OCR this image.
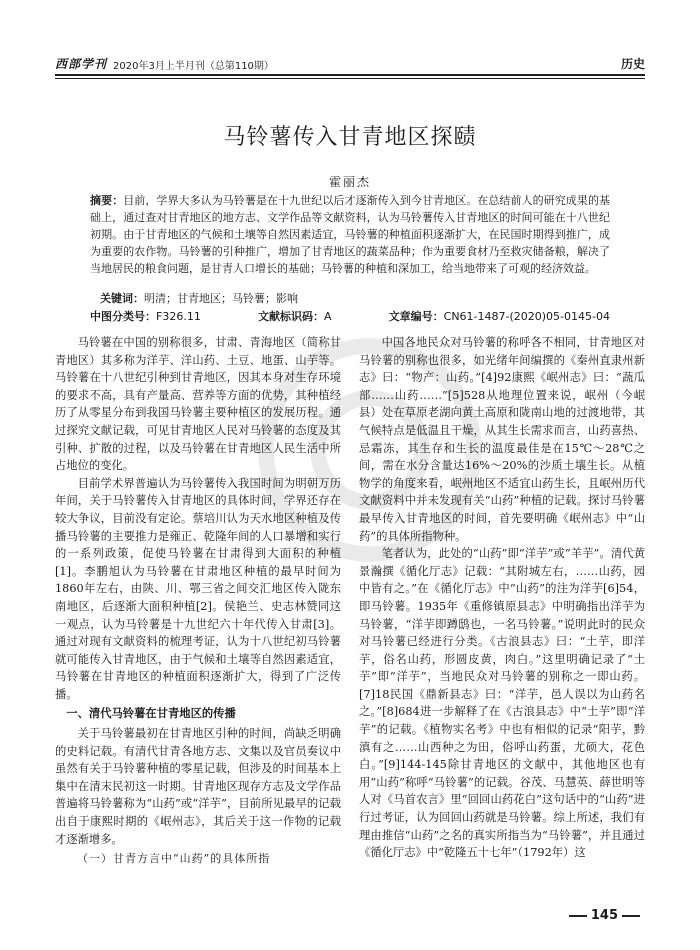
西部学刊 2020年3月上半月刊（总第110期）	历史
马铃薯传入甘青地区探赜
霍丽杰
摘要：目前，学界大多认为马铃薯是在十九世纪以后才逐渐传入到今甘青地区。在总结前人的研究成果的基础上，通过查对甘青地区的地方志、文学作品等文献资料，认为马铃薯传入甘青地区的时间可能在十八世纪初期。由于甘青地区的气候和土壤等自然因素适宜，马铃薯的种植面积逐渐扩大，在民国时期得到推广，成为重要的农作物。马铃薯的引种推广，增加了甘青地区的蔬菜品种；作为重要食材乃至救灾储备粮，解决了当地居民的粮食问题，是甘青人口增长的基础；马铃薯的种植和深加工，给当地带来了可观的经济效益。
关键词：明清；甘青地区；马铃薯；影响
中图分类号：F326.11	文献标识码：A	文章编号：CN61-1487-(2020)05-0145-04

马铃薯在中国的别称很多，甘肃、青海地区（简称甘青地区）其多称为洋芋、洋山药、土豆、地蛋、山芋等。马铃薯在十八世纪引种到甘青地区，因其本身对生存环境的要求不高，具有产量高、营养等方面的优势，其种植经历了从零星分布到我国马铃薯主要种植区的发展历程。通过探究文献记载，可见甘青地区人民对马铃薯的态度及其引种、扩散的过程，以及马铃薯在甘青地区人民生活中所占地位的变化。

目前学术界普遍认为马铃薯传入我国时间为明朝万历年间，关于马铃薯传入甘青地区的具体时间，学界还存在较大争议，目前没有定论。蔡培川认为天水地区种植及传播马铃薯的主要推力是雍正、乾隆年间的人口暴增和实行的一系列政策，促使马铃薯在甘肃得到大面积的种植[1]。李鹏旭认为马铃薯在甘肃地区种植的最早时间为1860年左右，由陕、川、鄂三省之间交汇地区传入陇东南地区，后逐渐大面积种植[2]。侯艳兰、史志林赞同这一观点，认为马铃薯是十九世纪六十年代传入甘肃[3]。通过对现有文献资料的梳理考证，认为十八世纪初马铃薯就可能传入甘青地区，由于气候和土壤等自然因素适宜，马铃薯在甘青地区的种植面积逐渐扩大，得到了广泛传播。

一、清代马铃薯在甘青地区的传播

关于马铃薯最初在甘青地区引种的时间，尚缺乏明确的史料记载。有清代甘青各地方志、文集以及官员奏议中虽然有关于马铃薯种植的零星记载，但涉及的时间基本上集中在清末民初这一时期。甘青地区现存方志及文学作品普遍将马铃薯称为“山药”或“洋芋”，目前所见最早的记载出自于康熙时期的《岷州志》，其后关于这一作物的记载才逐渐增多。

（一）甘青方言中“山药”的具体所指

中国各地民众对马铃薯的称呼各不相同，甘青地区对马铃薯的别称也很多，如光绪年间编撰的《秦州直隶州新志》曰：“物产：山药。”[4]92康熙《岷州志》曰：“蔬瓜部……山药……”[5]528从地理位置来说，岷州（今岷县）处在草原老湖向黄土高原和陇南山地的过渡地带，其气候特点是低温且干燥，从其生长需求而言，山药喜热、忌霜冻，其生存和生长的温度最佳是在15℃～28℃之间，需在水分含量达16%～20%的沙质土壤生长。从植物学的角度来看，岷州地区不适宜山药生长，且岷州历代文献资料中并未发现有关“山药”种植的记载。探讨马铃薯最早传入甘青地区的时间，首先要明确《岷州志》中“山药”的具体所指物种。

笔者认为，此处的“山药”即“洋芋”或“羊芋”。清代黄景瀚撰《循化厅志》记载：“其附城左右，……山药，园中皆有之。”在《循化厅志》中“山药”的注为洋芋[6]54，即马铃薯。1935年《重修镇原县志》中明确指出洋芋为马铃薯，“洋芋即蹲鸱也，一名马铃薯。”说明此时的民众对马铃薯已经进行分类。《古浪县志》曰：“土芋，即洋芋，俗名山药，形圆皮黄，肉白。”这里明确记录了“土芋”即“洋芋”，当地民众对马铃薯的别称之一即山药。[7]18民国《鼎新县志》曰：“洋芋，邑人误以为山药名之。”[8]684进一步解释了在《古浪县志》中“土芋”即“洋芋”的记载。《植物实名考》中也有相似的记录“阳芋，黔滇有之……山西种之为田，俗呼山药蛋，尤硕大，花色白。”[9]144-145除甘青地区的文献中，其他地区也有用“山药”称呼“马铃薯”的记载。谷茂、马慧英、薛世明等人对《马首农言》里“回回山药花白”这句话中的“山药”进行过考证，认为回回山药就是马铃薯。综上所述，我们有理由推信“山药”之名的真实所指当为“马铃薯”，并且通过《循化厅志》中“乾隆五十七年”（1792年）这

145
